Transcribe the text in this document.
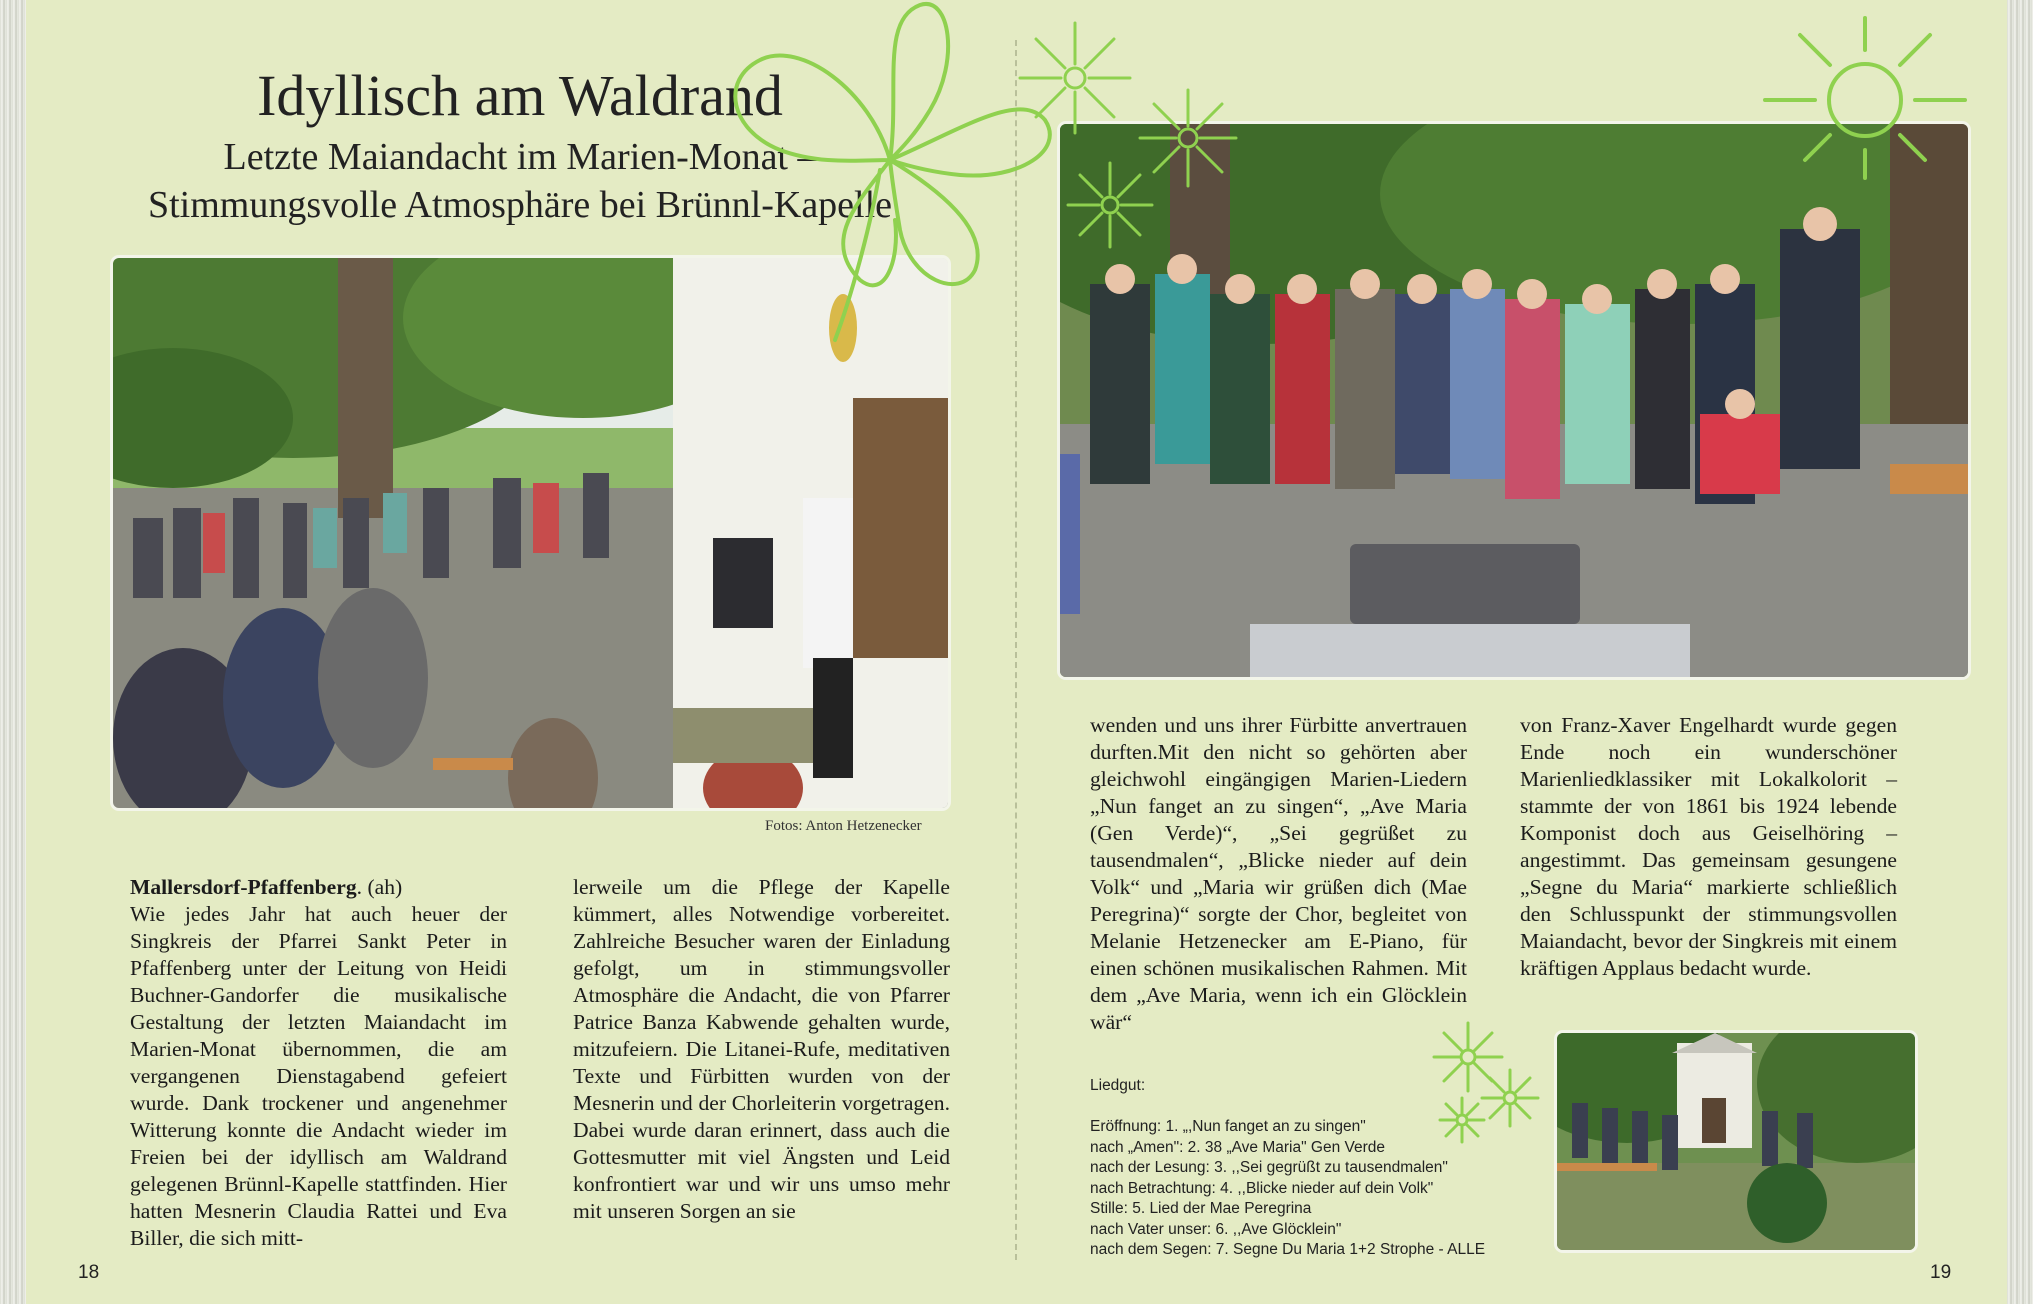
Idyllisch am Waldrand
Letzte Maiandacht im Marien-Monat –
Stimmungsvolle Atmosphäre bei Brünnl-Kapelle
Fotos: Anton Hetzenecker

Mallersdorf-Pfaffenberg. (ah)
Wie jedes Jahr hat auch heuer der Singkreis der Pfarrei Sankt Peter in Pfaffenberg unter der Leitung von Heidi Buchner-Gandorfer die musikalische Gestaltung der letzten Maiandacht im Marien-Monat übernommen, die am vergangenen Dienstagabend gefeiert wurde. Dank trockener und angenehmer Witterung konnte die Andacht wieder im Freien bei der idyllisch am Waldrand gelegenen Brünnl-Kapelle stattfinden. Hier hatten Mesnerin Claudia Rattei und Eva Biller, die sich mitt-

lerweile um die Pflege der Kapelle kümmert, alles Notwendige vorbereitet. Zahlreiche Besucher waren der Einladung gefolgt, um in stimmungsvoller Atmosphäre die Andacht, die von Pfarrer Patrice Banza Kabwende gehalten wurde, mitzufeiern. Die Litanei-Rufe, meditativen Texte und Fürbitten wurden von der Mesnerin und der Chorleiterin vorgetragen. Dabei wurde daran erinnert, dass auch die Gottesmutter mit viel Ängsten und Leid konfrontiert war und wir uns umso mehr mit unseren Sorgen an sie

wenden und uns ihrer Fürbitte anvertrauen durften.Mit den nicht so gehörten aber gleichwohl eingängigen Marien-Liedern „Nun fanget an zu singen“, „Ave Maria (Gen Verde)“, „Sei gegrüßet zu tausendmalen“, „Blicke nieder auf dein Volk“ und „Maria wir grüßen dich (Mae Peregrina)“ sorgte der Chor, begleitet von Melanie Hetzenecker am E-Piano, für einen schönen musikalischen Rahmen. Mit dem „Ave Maria, wenn ich ein Glöcklein wär“

von Franz-Xaver Engelhardt wurde gegen Ende noch ein wunderschöner Marienliedklassiker mit Lokalkolorit – stammte der von 1861 bis 1924 lebende Komponist doch aus Geiselhöring – angestimmt. Das gemeinsam gesungene „Segne du Maria“ markierte schließlich den Schlusspunkt der stimmungsvollen Maiandacht, bevor der Singkreis mit einem kräftigen Applaus bedacht wurde.

Liedgut:
Eröffnung: 1. „,Nun fanget an zu singen"
nach „Amen": 2. 38 „Ave Maria" Gen Verde
nach der Lesung: 3. ,,Sei gegrüßt zu tausendmalen"
nach Betrachtung: 4. ,,Blicke nieder auf dein Volk"
Stille: 5. Lied der Mae Peregrina
nach Vater unser: 6. ,,Ave Glöcklein"
nach dem Segen: 7. Segne Du Maria 1+2 Strophe - ALLE
18	19
